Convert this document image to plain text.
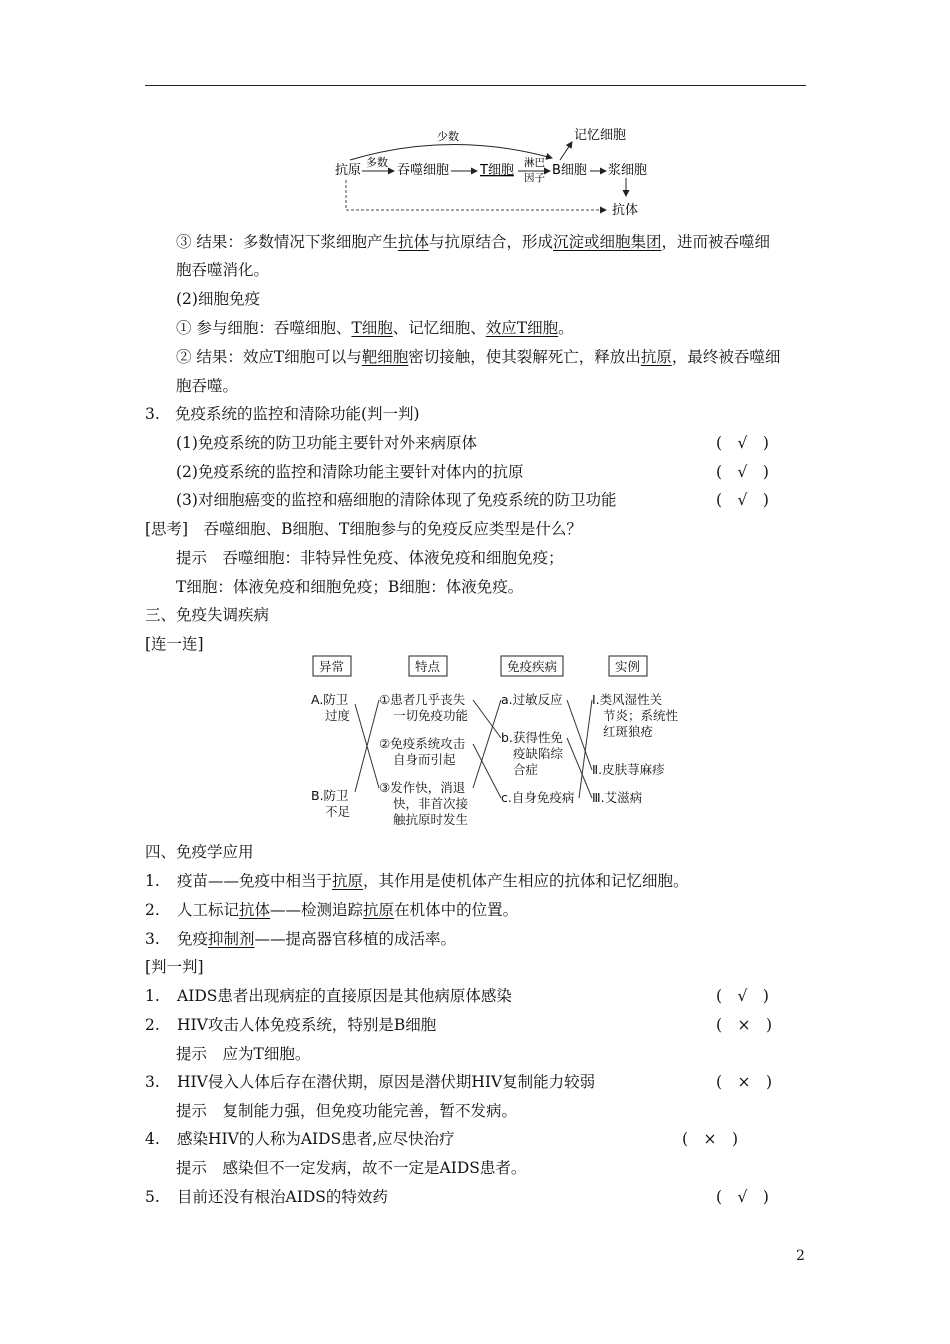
抗原
多数
吞噬细胞 T细胞 淋巴
因子 B细胞
少数	记忆细胞
浆细胞
抗体
③ 结果：多数情况下浆细胞产生抗体与抗原结合，形成沉淀或细胞集团，进而被吞噬细
胞吞噬消化。
(2)细胞免疫
① 参与细胞：吞噬细胞、T细胞、记忆细胞、效应T细胞。
② 结果：效应T细胞可以与靶细胞密切接触，使其裂解死亡，释放出抗原，最终被吞噬细
胞吞噬。
3. 免疫系统的监控和清除功能(判一判)
(1)免疫系统的防卫功能主要针对外来病原体	(　√　)
(2)免疫系统的监控和清除功能主要针对体内的抗原	(　√　)
(3)对细胞癌变的监控和癌细胞的清除体现了免疫系统的防卫功能	(　√　)
[思考]　吞噬细胞、B细胞、T细胞参与的免疫反应类型是什么？
提示　吞噬细胞：非特异性免疫、体液免疫和细胞免疫；
T细胞：体液免疫和细胞免疫；B细胞：体液免疫。
三、免疫失调疾病
[连一连]
异常	特点	免疫疾病	实例
A.防卫
过度
B.防卫
不足
①患者几乎丧失
一切免疫功能
②免疫系统攻击
自身而引起
③发作快，消退
快，非首次接
触抗原时发生
a.过敏反应
b.获得性免
疫缺陷综
合症
c.自身免疫病
Ⅰ.类风湿性关
节炎；系统性
红斑狼疮
Ⅱ.皮肤荨麻疹
Ⅲ.艾滋病
四、免疫学应用
1. 疫苗——免疫中相当于抗原，其作用是使机体产生相应的抗体和记忆细胞。
2. 人工标记抗体——检测追踪抗原在机体中的位置。
3. 免疫抑制剂——提高器官移植的成活率。
[判一判]
1. AIDS患者出现病症的直接原因是其他病原体感染	(　√　)
2. HIV攻击人体免疫系统，特别是B细胞	(　×　)
提示　应为T细胞。
3. HIV侵入人体后存在潜伏期，原因是潜伏期HIV复制能力较弱	(　×　)
提示　复制能力强，但免疫功能完善，暂不发病。
4. 感染HIV的人称为AIDS患者,应尽快治疗	(　×　)
提示　感染但不一定发病，故不一定是AIDS患者。
5. 目前还没有根治AIDS的特效药	(　√　)
2
